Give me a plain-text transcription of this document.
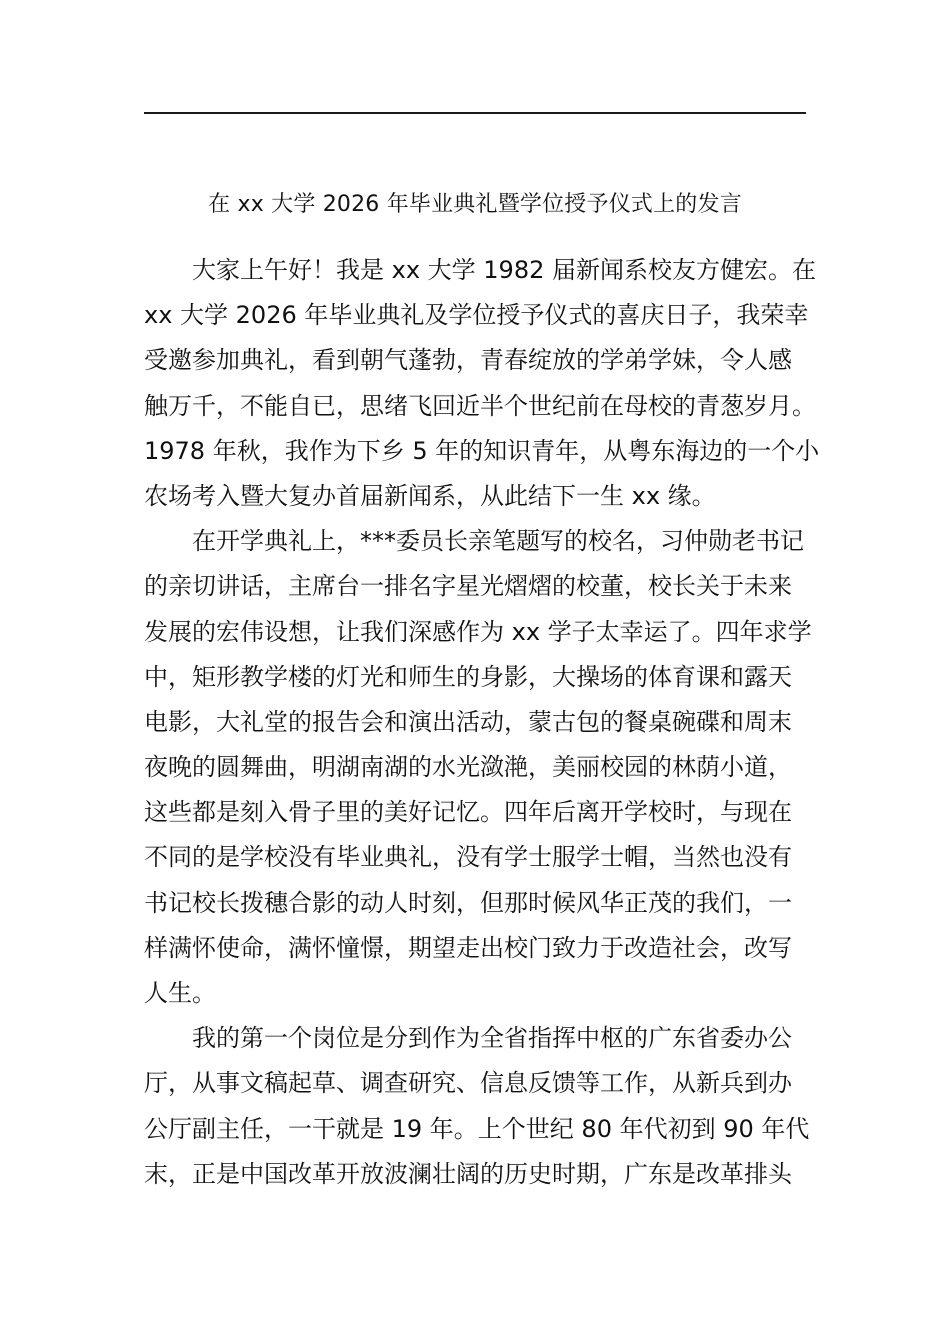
在 xx 大学 2026 年毕业典礼暨学位授予仪式上的发言
大家上午好！我是 xx 大学 1982 届新闻系校友方健宏。在
xx 大学 2026 年毕业典礼及学位授予仪式的喜庆日子，我荣幸
受邀参加典礼，看到朝气蓬勃，青春绽放的学弟学妹，令人感
触万千，不能自已，思绪飞回近半个世纪前在母校的青葱岁月。
1978 年秋，我作为下乡 5 年的知识青年，从粤东海边的一个小
农场考入暨大复办首届新闻系，从此结下一生 xx 缘。
在开学典礼上，***委员长亲笔题写的校名，习仲勋老书记
的亲切讲话，主席台一排名字星光熠熠的校董，校长关于未来
发展的宏伟设想，让我们深感作为 xx 学子太幸运了。四年求学
中，矩形教学楼的灯光和师生的身影，大操场的体育课和露天
电影，大礼堂的报告会和演出活动，蒙古包的餐桌碗碟和周末
夜晚的圆舞曲，明湖南湖的水光潋滟，美丽校园的林荫小道，
这些都是刻入骨子里的美好记忆。四年后离开学校时，与现在
不同的是学校没有毕业典礼，没有学士服学士帽，当然也没有
书记校长拨穗合影的动人时刻，但那时候风华正茂的我们，一
样满怀使命，满怀憧憬，期望走出校门致力于改造社会，改写
人生。
我的第一个岗位是分到作为全省指挥中枢的广东省委办公
厅，从事文稿起草、调查研究、信息反馈等工作，从新兵到办
公厅副主任，一干就是 19 年。上个世纪 80 年代初到 90 年代
末，正是中国改革开放波澜壮阔的历史时期，广东是改革排头
